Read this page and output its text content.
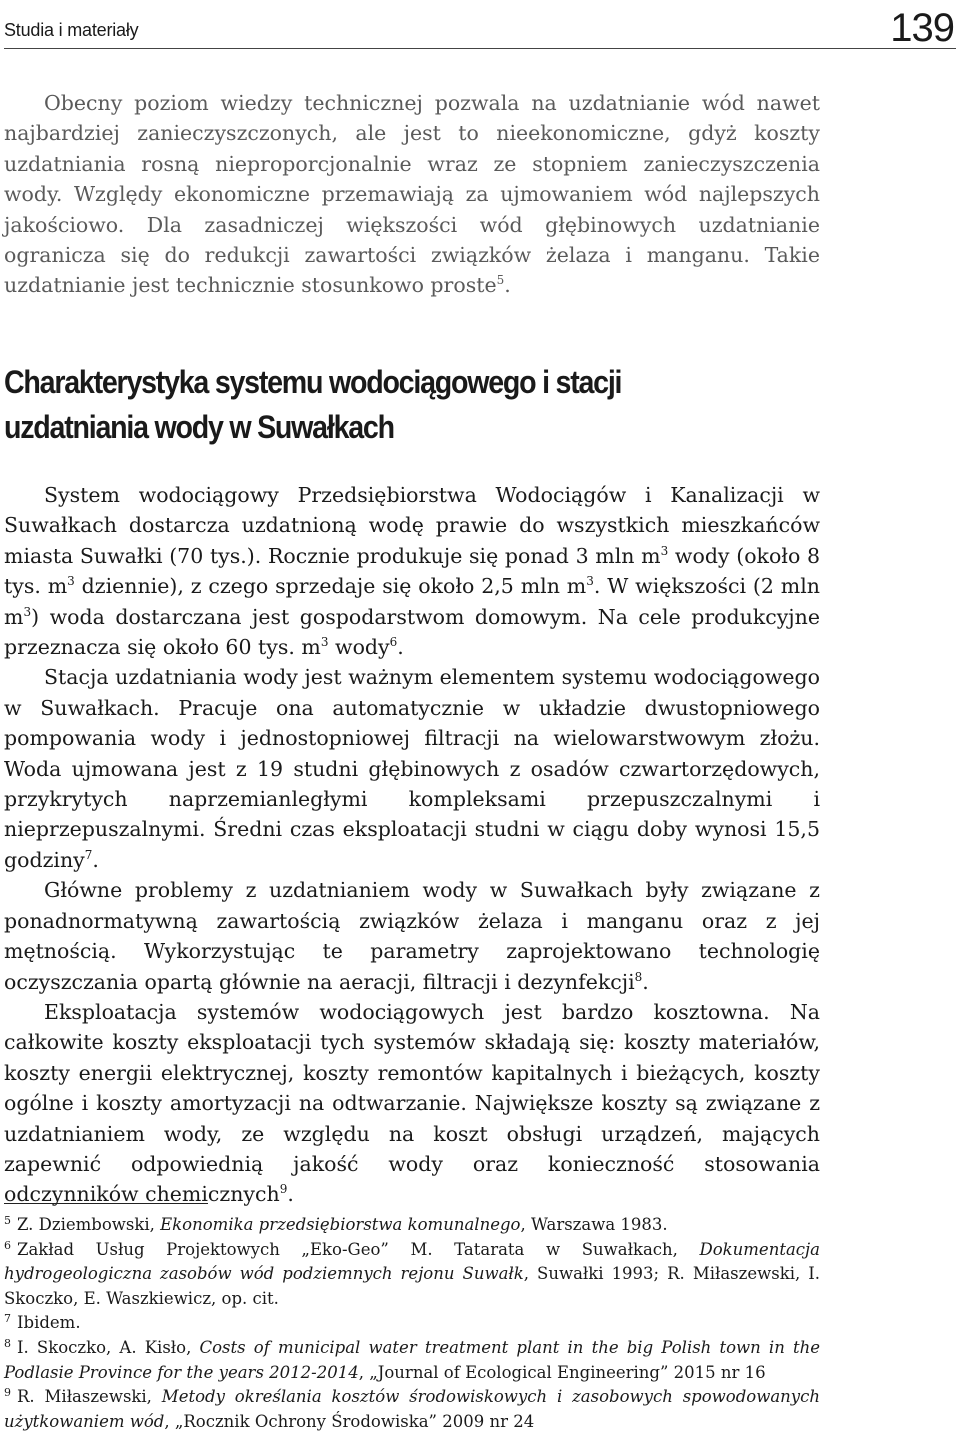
Studia i materiały	139

Obecny poziom wiedzy technicznej pozwala na uzdatnianie wód nawet najbardziej zanieczyszczonych, ale jest to nieekonomiczne, gdyż koszty uzdatniania rosną nieproporcjonalnie wraz ze stopniem zanieczyszczenia wody. Względy ekonomiczne przemawiają za ujmowaniem wód najlepszych jakościowo. Dla zasadniczej większości wód głębinowych uzdatnianie ogranicza się do redukcji zawartości związków żelaza i manganu. Takie uzdatnianie jest technicznie stosunkowo proste$^5$.

Charakterystyka systemu wodociągowego i stacji uzdatniania wody w Suwałkach

System wodociągowy Przedsiębiorstwa Wodociągów i Kanalizacji w Suwałkach dostarcza uzdatnioną wodę prawie do wszystkich mieszkańców miasta Suwałki (70 tys.). Rocznie produkuje się ponad 3 mln $m^3$ wody (około 8 tys. $m^3$ dziennie), z czego sprzedaje się około 2,5 mln $m^3$. W większości (2 mln $m^3$) woda dostarczana jest gospodarstwom domowym. Na cele produkcyjne przeznacza się około 60 tys. $m^3$ wody$^6$.

Stacja uzdatniania wody jest ważnym elementem systemu wodociągowego w Suwałkach. Pracuje ona automatycznie w układzie dwustopniowego pompowania wody i jednostopniowej filtracji na wielowarstwowym złożu. Woda ujmowana jest z 19 studni głębinowych z osadów czwartorzędowych, przykrytych naprzemianległymi kompleksami przepuszczalnymi i nieprzepuszalnymi. Średni czas eksploatacji studni w ciągu doby wynosi 15,5 godziny$^7$.

Główne problemy z uzdatnianiem wody w Suwałkach były związane z ponadnormatywną zawartością związków żelaza i manganu oraz z jej mętnością. Wykorzystując te parametry zaprojektowano technologię oczyszczania opartą głównie na aeracji, filtracji i dezynfekcji$^8$.

Eksploatacja systemów wodociągowych jest bardzo kosztowna. Na całkowite koszty eksploatacji tych systemów składają się: koszty materiałów, koszty energii elektrycznej, koszty remontów kapitalnych i bieżących, koszty ogólne i koszty amortyzacji na odtwarzanie. Największe koszty są związane z uzdatnianiem wody, ze względu na koszt obsługi urządzeń, mających zapewnić odpowiednią jakość wody oraz konieczność stosowania odczynników chemicznych$^9$.

$^5$ Z. Dziembowski, Ekonomika przedsiębiorstwa komunalnego, Warszawa 1983.

$^6$ Zakład Usług Projektowych „Eko-Geo” M. Tatarata w Suwałkach, Dokumentacja hydrogeologiczna zasobów wód podziemnych rejonu Suwałk, Suwałki 1993; R. Miłaszewski, I. Skoczko, E. Waszkiewicz, op. cit.

$^7$ Ibidem.

$^8$ I. Skoczko, A. Kisło, Costs of municipal water treatment plant in the big Polish town in the Podlasie Province for the years 2012-2014, „Journal of Ecological Engineering” 2015 nr 16

$^9$ R. Miłaszewski, Metody określania kosztów środowiskowych i zasobowych spowodowanych użytkowaniem wód, „Rocznik Ochrony Środowiska” 2009 nr 24
